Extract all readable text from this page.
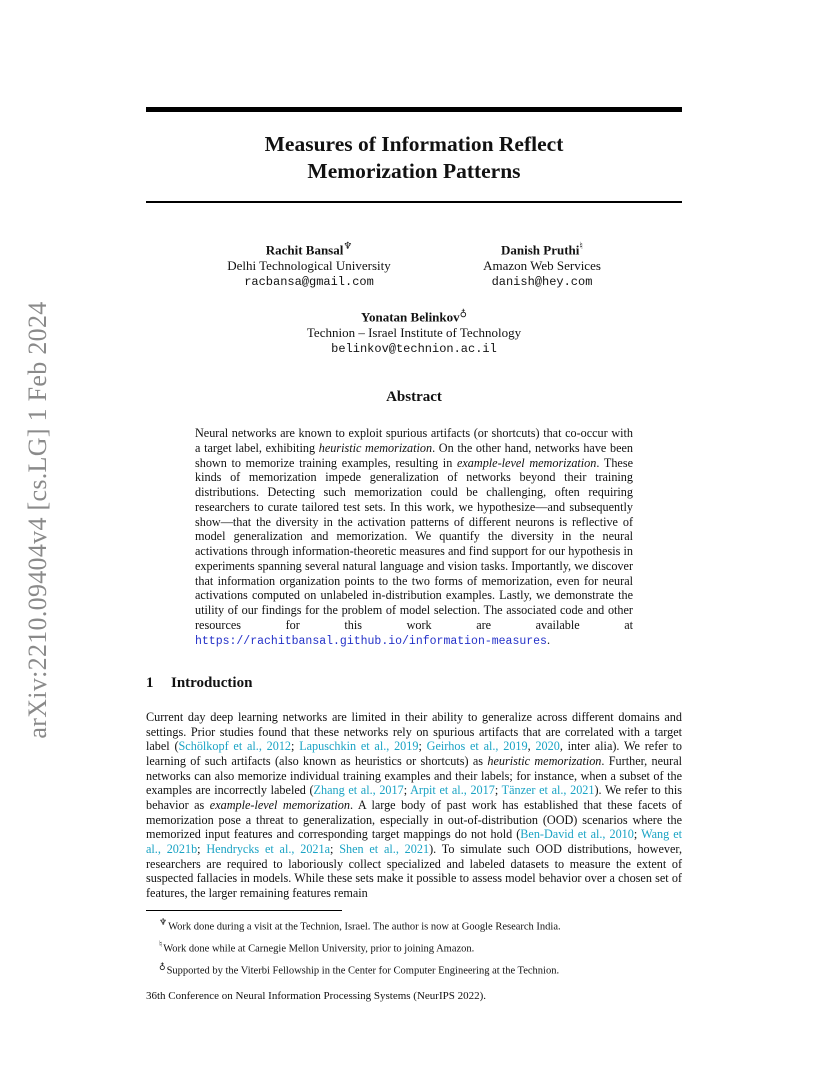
arXiv:2210.09404v4 [cs.LG] 1 Feb 2024
Measures of Information Reflect Memorization Patterns
Rachit Bansal♆
Delhi Technological University
racbansa@gmail.com
Danish Pruthi♮
Amazon Web Services
danish@hey.com
Yonatan Belinkov♁
Technion – Israel Institute of Technology
belinkov@technion.ac.il
Abstract

Neural networks are known to exploit spurious artifacts (or shortcuts) that co-occur with a target label, exhibiting heuristic memorization. On the other hand, networks have been shown to memorize training examples, resulting in example-level memorization. These kinds of memorization impede generalization of networks beyond their training distributions. Detecting such memorization could be challenging, often requiring researchers to curate tailored test sets. In this work, we hypothesize—and subsequently show—that the diversity in the activation patterns of different neurons is reflective of model generalization and memorization. We quantify the diversity in the neural activations through information-theoretic measures and find support for our hypothesis in experiments spanning several natural language and vision tasks. Importantly, we discover that information organization points to the two forms of memorization, even for neural activations computed on unlabeled in-distribution examples. Lastly, we demonstrate the utility of our findings for the problem of model selection. The associated code and other resources for this work are available at https://rachitbansal.github.io/information-measures.

1 Introduction

Current day deep learning networks are limited in their ability to generalize across different domains and settings. Prior studies found that these networks rely on spurious artifacts that are correlated with a target label (Schölkopf et al., 2012; Lapuschkin et al., 2019; Geirhos et al., 2019, 2020, inter alia). We refer to learning of such artifacts (also known as heuristics or shortcuts) as heuristic memorization. Further, neural networks can also memorize individual training examples and their labels; for instance, when a subset of the examples are incorrectly labeled (Zhang et al., 2017; Arpit et al., 2017; Tänzer et al., 2021). We refer to this behavior as example-level memorization. A large body of past work has established that these facets of memorization pose a threat to generalization, especially in out-of-distribution (OOD) scenarios where the memorized input features and corresponding target mappings do not hold (Ben-David et al., 2010; Wang et al., 2021b; Hendrycks et al., 2021a; Shen et al., 2021). To simulate such OOD distributions, however, researchers are required to laboriously collect specialized and labeled datasets to measure the extent of suspected fallacies in models. While these sets make it possible to assess model behavior over a chosen set of features, the larger remaining features remain

♆Work done during a visit at the Technion, Israel. The author is now at Google Research India.
♮Work done while at Carnegie Mellon University, prior to joining Amazon.
♁Supported by the Viterbi Fellowship in the Center for Computer Engineering at the Technion.
36th Conference on Neural Information Processing Systems (NeurIPS 2022).
